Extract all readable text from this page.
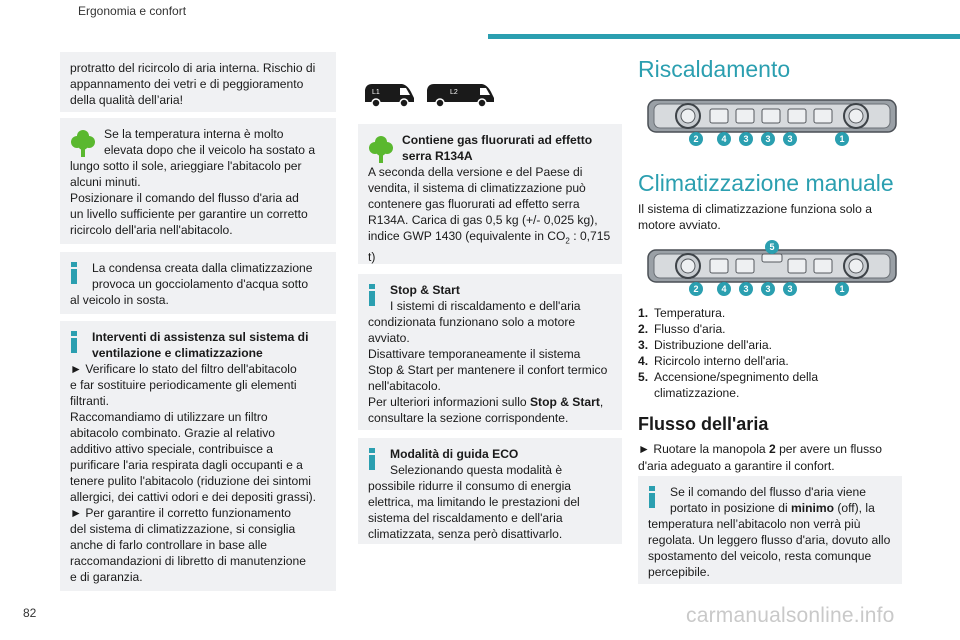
Ergonomia e confort

protratto del ricircolo di aria interna. Rischio di appannamento dei vetri e di peggioramento della qualità dell’aria!

Se la temperatura interna è molto

elevata dopo che il veicolo ha sostato a

lungo sotto il sole, arieggiare l'abitacolo per

alcuni minuti.

Posizionare il comando del flusso d'aria ad

un livello sufficiente per garantire un corretto

ricircolo dell'aria nell'abitacolo.

La condensa creata dalla climatizzazione

provoca un gocciolamento d'acqua sotto

al veicolo in sosta.

Interventi di assistenza sul sistema di

ventilazione e climatizzazione

► Verificare lo stato del filtro dell'abitacolo

e far sostituire periodicamente gli elementi

filtranti.

Raccomandiamo di utilizzare un filtro

abitacolo combinato. Grazie al relativo

additivo attivo speciale, contribuisce a

purificare l'aria respirata dagli occupanti e a

tenere pulito l'abitacolo (riduzione dei sintomi

allergici, dei cattivi odori e dei depositi grassi).

► Per garantire il corretto funzionamento

del sistema di climatizzazione, si consiglia

anche di farlo controllare in base alle

raccomandazioni di libretto di manutenzione

e di garanzia.

L1	L2

Contiene gas fluorurati ad effetto

serra R134A

A seconda della versione e del Paese di

vendita, il sistema di climatizzazione può

contenere gas fluorurati ad effetto serra

R134A. Carica di gas 0,5 kg (+/- 0,025 kg),

indice GWP 1430 (equivalente in $CO_2$ : 0,715

t)

Stop & Start

I sistemi di riscaldamento e dell'aria

condizionata funzionano solo a motore

avviato.

Disattivare temporaneamente il sistema

Stop & Start per mantenere il confort termico

nell'abitacolo.

Per ulteriori informazioni sullo Stop & Start,

consultare la sezione corrispondente.

Modalità di guida ECO

Selezionando questa modalità è

possibile ridurre il consumo di energia

elettrica, ma limitando le prestazioni del

sistema del riscaldamento e dell'aria

climatizzata, senza però disattivarlo.

Riscaldamento
2	4 3 3 3	1
Climatizzazione manuale
Il sistema di climatizzazione funziona solo a
motore avviato.
5
2	4 3 3 3	1
1. Temperatura.
2. Flusso d'aria.
3. Distribuzione dell'aria.
4. Ricircolo interno dell'aria.
5. Accensione/spegnimento della
climatizzazione.
Flusso dell'aria
► Ruotare la manopola 2 per avere un flusso
d'aria adeguato a garantire il confort.

Se il comando del flusso d'aria viene

portato in posizione di minimo (off), la

temperatura nell’abitacolo non verrà più

regolata. Un leggero flusso d'aria, dovuto allo

spostamento del veicolo, resta comunque

percepibile.

82	carmanualsonline.info
